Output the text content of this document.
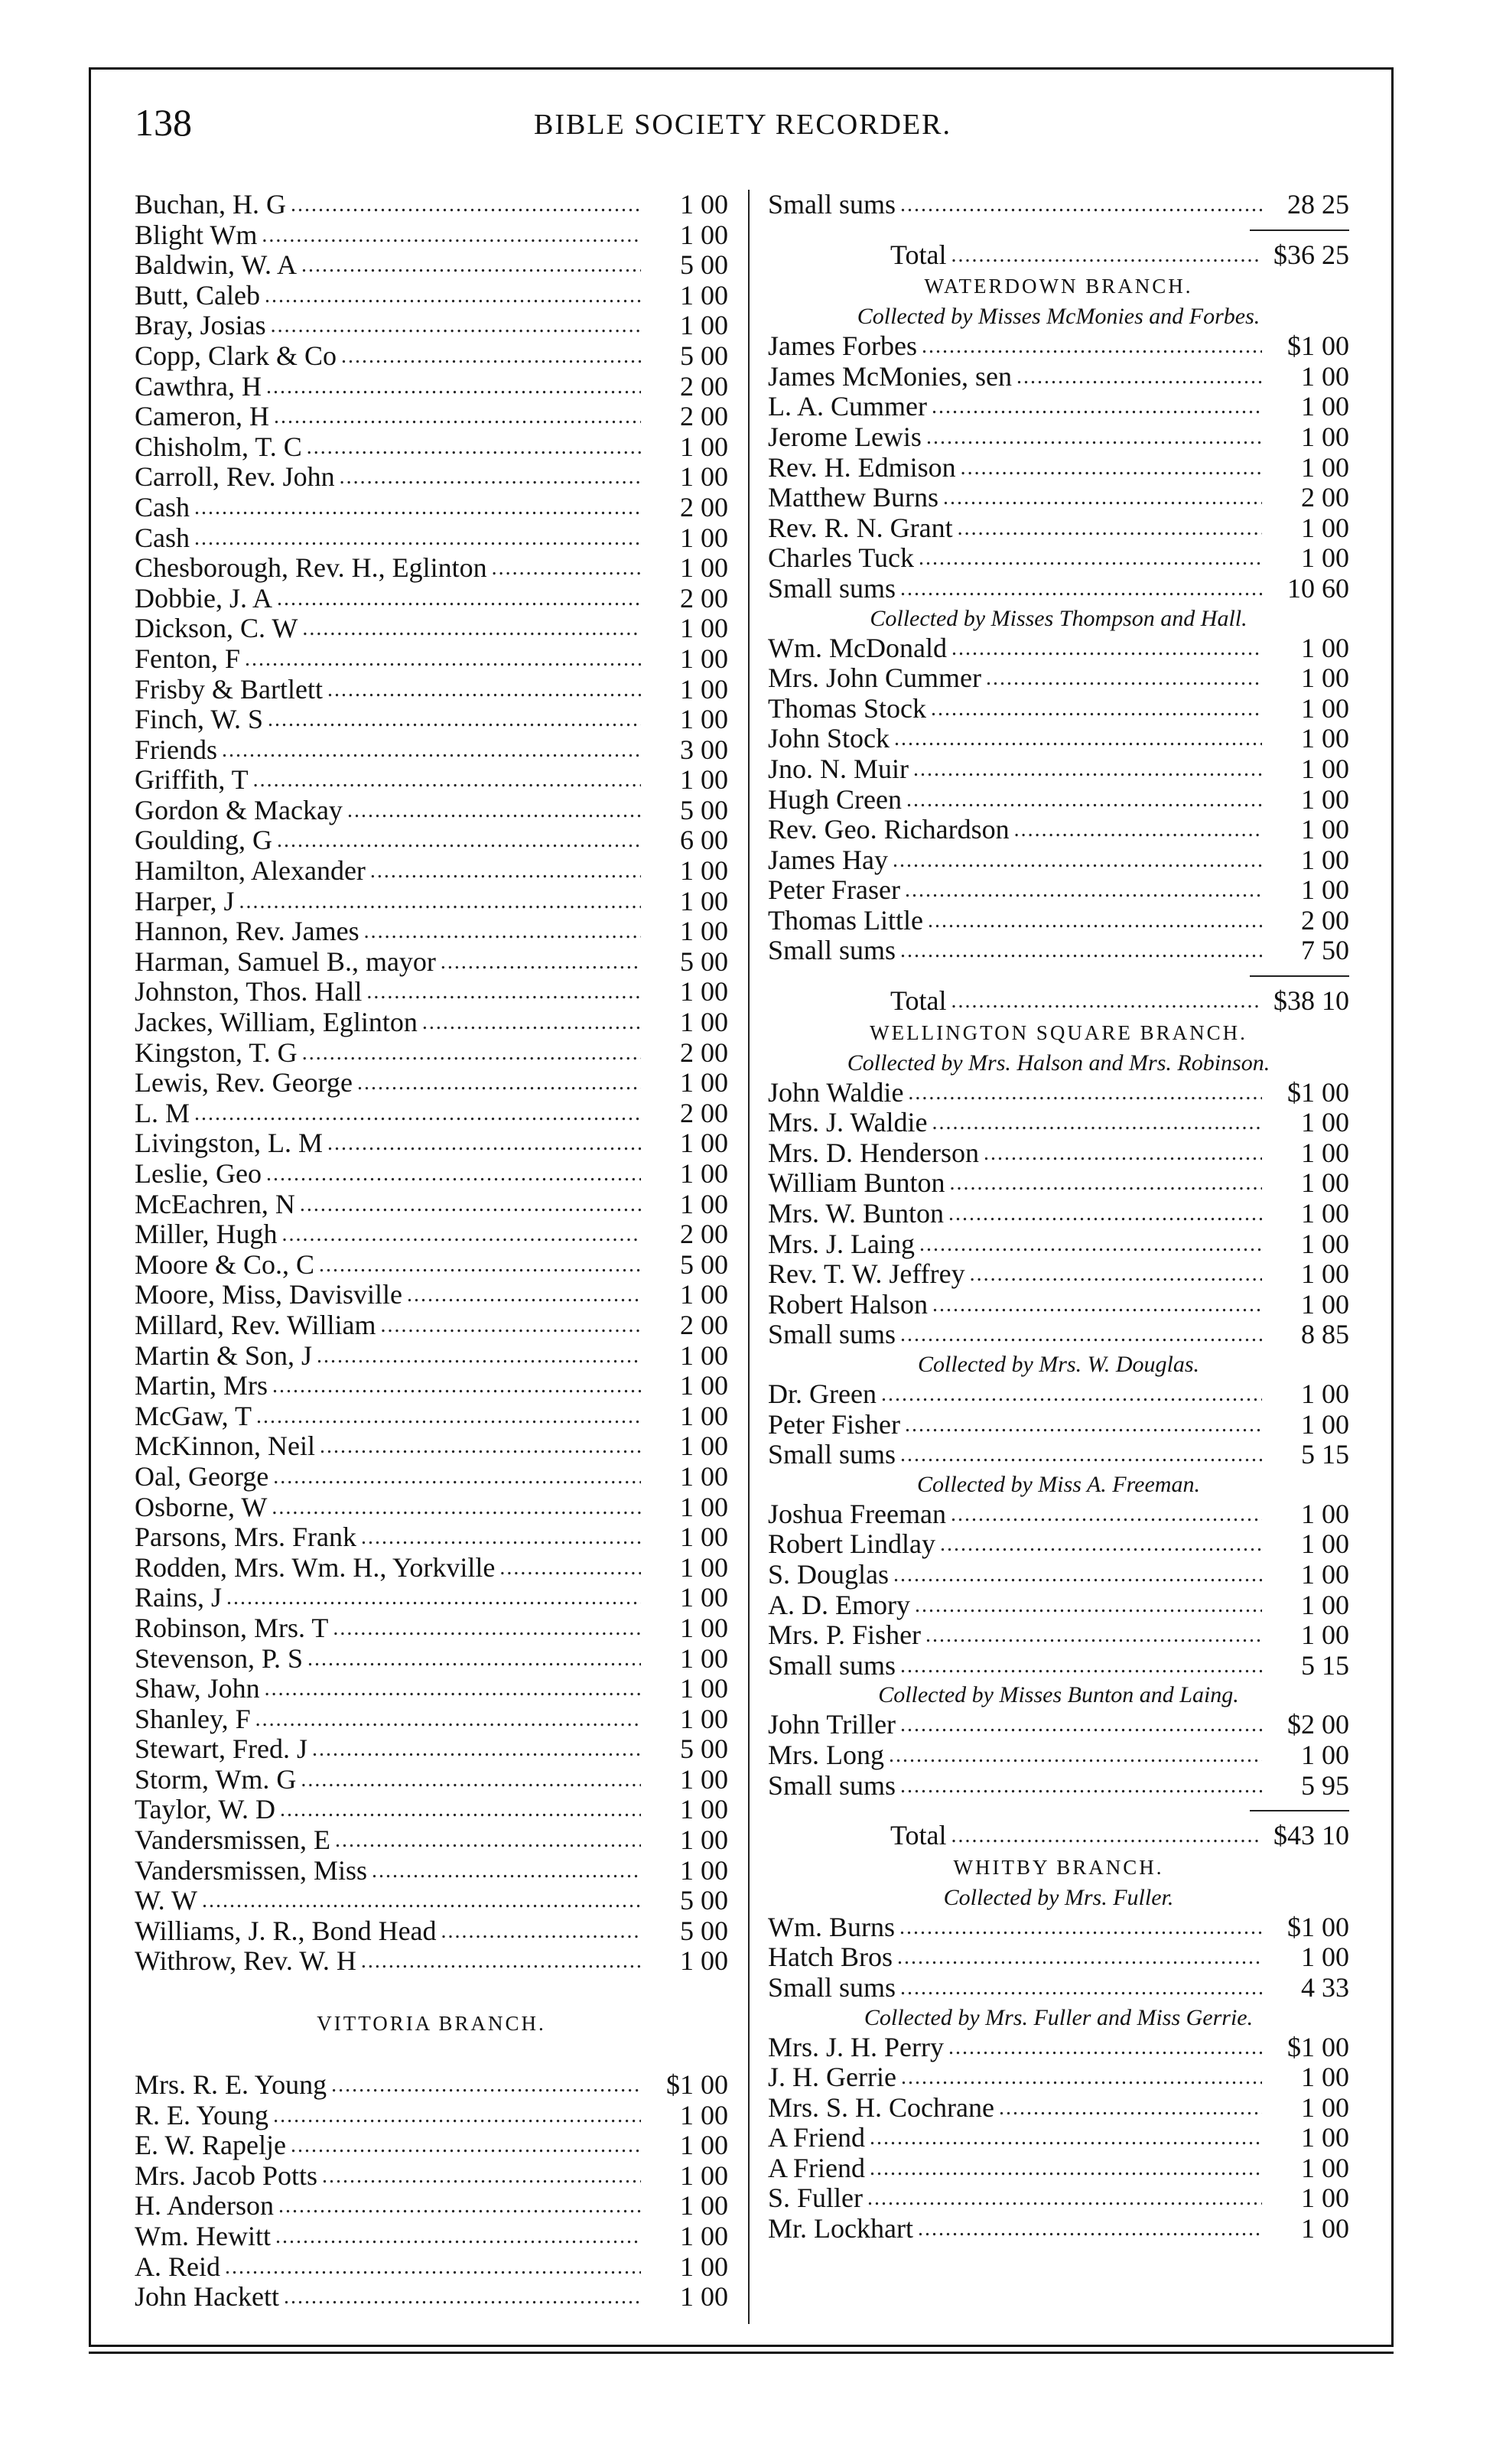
138	BIBLE SOCIETY RECORDER.
Buchan, H. G .....	1 00
Blight Wm .....	1 00
Baldwin, W. A .....	5 00
Butt, Caleb .....	1 00
Bray, Josias .....	1 00
Copp, Clark & Co .....	5 00
Cawthra, H .....	2 00
Cameron, H .....	2 00
Chisholm, T. C .....	1 00
Carroll, Rev. John .....	1 00
Cash .....	2 00
Cash .....	1 00
Chesborough, Rev. H., Eglinton .....	1 00
Dobbie, J. A .....	2 00
Dickson, C. W .....	1 00
Fenton, F .....	1 00
Frisby & Bartlett .....	1 00
Finch, W. S .....	1 00
Friends .....	3 00
Griffith, T .....	1 00
Gordon & Mackay .....	5 00
Goulding, G .....	6 00
Hamilton, Alexander .....	1 00
Harper, J .....	1 00
Hannon, Rev. James .....	1 00
Harman, Samuel B., mayor .....	5 00
Johnston, Thos. Hall .....	1 00
Jackes, William, Eglinton .....	1 00
Kingston, T. G .....	2 00
Lewis, Rev. George .....	1 00
L. M .....	2 00
Livingston, L. M .....	1 00
Leslie, Geo .....	1 00
McEachren, N .....	1 00
Miller, Hugh .....	2 00
Moore & Co., C .....	5 00
Moore, Miss, Davisville .....	1 00
Millard, Rev. William .....	2 00
Martin & Son, J .....	1 00
Martin, Mrs .....	1 00
McGaw, T .....	1 00
McKinnon, Neil .....	1 00
Oal, George .....	1 00
Osborne, W .....	1 00
Parsons, Mrs. Frank .....	1 00
Rodden, Mrs. Wm. H., Yorkville .....	1 00
Rains, J .....	1 00
Robinson, Mrs. T .....	1 00
Stevenson, P. S .....	1 00
Shaw, John .....	1 00
Shanley, F .....	1 00
Stewart, Fred. J .....	5 00
Storm, Wm. G .....	1 00
Taylor, W. D .....	1 00
Vandersmissen, E .....	1 00
Vandersmissen, Miss .....	1 00
W. W .....	5 00
Williams, J. R., Bond Head .....	5 00
Withrow, Rev. W. H .....	1 00
VITTORIA BRANCH.
Mrs. R. E. Young .....	$1 00
R. E. Young .....	1 00
E. W. Rapelje .....	1 00
Mrs. Jacob Potts .....	1 00
H. Anderson .....	1 00
Wm. Hewitt .....	1 00
A. Reid .....	1 00
John Hackett .....	1 00
Small sums .....	28 25
Total .....	$36 25
WATERDOWN BRANCH.
Collected by Misses McMonies and Forbes.
James Forbes .....	$1 00
James McMonies, sen .....	1 00
L. A. Cummer .....	1 00
Jerome Lewis .....	1 00
Rev. H. Edmison .....	1 00
Matthew Burns .....	2 00
Rev. R. N. Grant .....	1 00
Charles Tuck .....	1 00
Small sums .....	10 60
Collected by Misses Thompson and Hall.
Wm. McDonald .....	1 00
Mrs. John Cummer .....	1 00
Thomas Stock .....	1 00
John Stock .....	1 00
Jno. N. Muir .....	1 00
Hugh Creen .....	1 00
Rev. Geo. Richardson .....	1 00
James Hay .....	1 00
Peter Fraser .....	1 00
Thomas Little .....	2 00
Small sums .....	7 50
Total .....	$38 10
WELLINGTON SQUARE BRANCH.
Collected by Mrs. Halson and Mrs. Robinson.
John Waldie .....	$1 00
Mrs. J. Waldie .....	1 00
Mrs. D. Henderson .....	1 00
William Bunton .....	1 00
Mrs. W. Bunton .....	1 00
Mrs. J. Laing .....	1 00
Rev. T. W. Jeffrey .....	1 00
Robert Halson .....	1 00
Small sums .....	8 85
Collected by Mrs. W. Douglas.
Dr. Green .....	1 00
Peter Fisher .....	1 00
Small sums .....	5 15
Collected by Miss A. Freeman.
Joshua Freeman .....	1 00
Robert Lindlay .....	1 00
S. Douglas .....	1 00
A. D. Emory .....	1 00
Mrs. P. Fisher .....	1 00
Small sums .....	5 15
Collected by Misses Bunton and Laing.
John Triller .....	$2 00
Mrs. Long .....	1 00
Small sums .....	5 95
Total .....	$43 10
WHITBY BRANCH.
Collected by Mrs. Fuller.
Wm. Burns .....	$1 00
Hatch Bros .....	1 00
Small sums .....	4 33
Collected by Mrs. Fuller and Miss Gerrie.
Mrs. J. H. Perry .....	$1 00
J. H. Gerrie .....	1 00
Mrs. S. H. Cochrane .....	1 00
A Friend .....	1 00
A Friend .....	1 00
S. Fuller .....	1 00
Mr. Lockhart .....	1 00
